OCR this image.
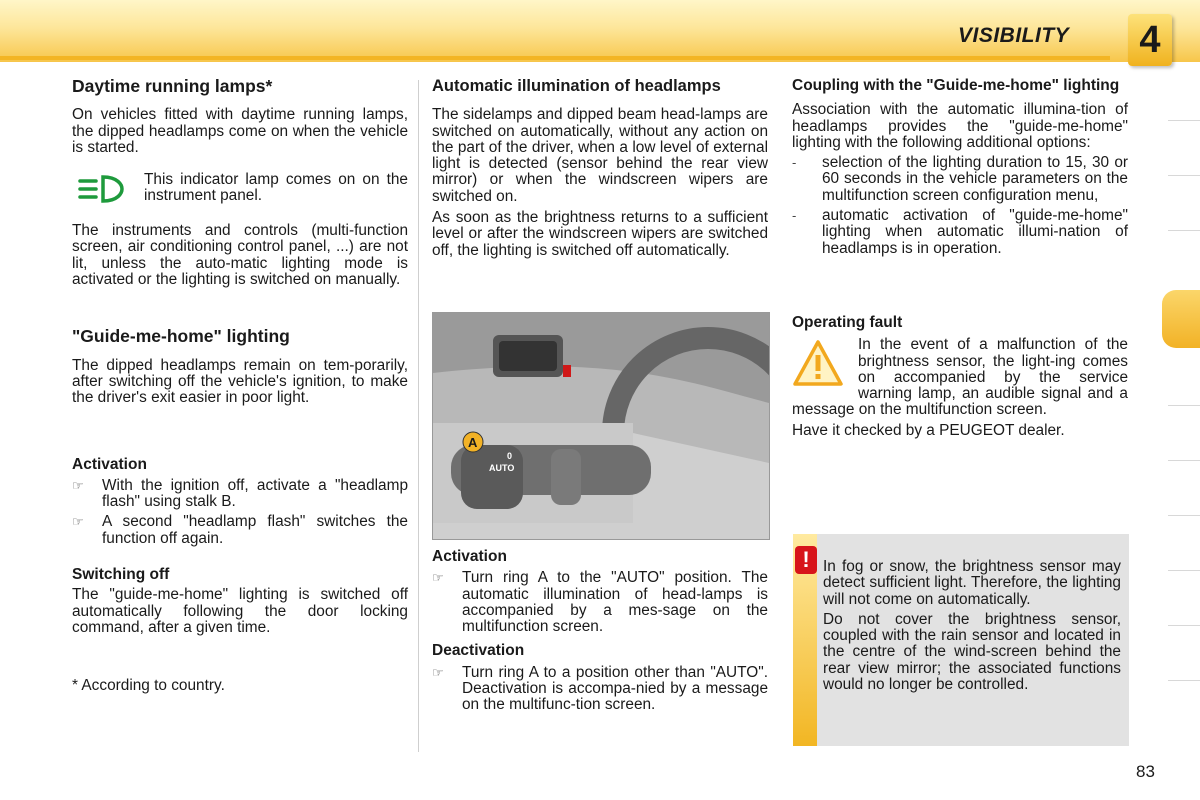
VISIBILITY	4
Daytime running lamps*

On vehicles fitted with daytime running lamps, the dipped headlamps come on when the vehicle is started.

This indicator lamp comes on on the instrument panel.

The instruments and controls (multi-function screen, air conditioning control panel, ...) are not lit, unless the auto-matic lighting mode is activated or the lighting is switched on manually.

"Guide-me-home" lighting

The dipped headlamps remain on tem-porarily, after switching off the vehicle's ignition, to make the driver's exit easier in poor light.

Activation
☞ With the ignition off, activate a "headlamp flash" using stalk B.

☞ A second "headlamp flash" switches the function off again.

Switching off

The "guide-me-home" lighting is switched off automatically following the door locking command, after a given time.

* According to country.

Automatic illumination of headlamps

The sidelamps and dipped beam head-lamps are switched on automatically, without any action on the part of the driver, when a low level of external light is detected (sensor behind the rear view mirror) or when the windscreen wipers are switched on.

As soon as the brightness returns to a sufficient level or after the windscreen wipers are switched off, the lighting is switched off automatically.

AUTO
0
A
Activation
☞ Turn ring A to the "AUTO" position. The automatic illumination of head-lamps is accompanied by a mes-sage on the multifunction screen.

Deactivation
☞ Turn ring A to a position other than "AUTO". Deactivation is accompa-nied by a message on the multifunc-tion screen.

Coupling with the "Guide-me-home" lighting

Association with the automatic illumina-tion of headlamps provides the "guide-me-home" lighting with the following additional options:

- selection of the lighting duration to 15, 30 or 60 seconds in the vehicle parameters on the multifunction screen configuration menu,

- automatic activation of "guide-me-home" lighting when automatic illumi-nation of headlamps is in operation.

Operating fault

In the event of a malfunction of the brightness sensor, the light-ing comes on accompanied by the service warning lamp, an audible signal and a message on the multifunction screen.

Have it checked by a PEUGEOT dealer.

! In fog or snow, the brightness sensor may detect sufficient light. Therefore, the lighting will not come on automatically.

Do not cover the brightness sensor, coupled with the rain sensor and located in the centre of the wind-screen behind the rear view mirror; the associated functions would no longer be controlled.

83
